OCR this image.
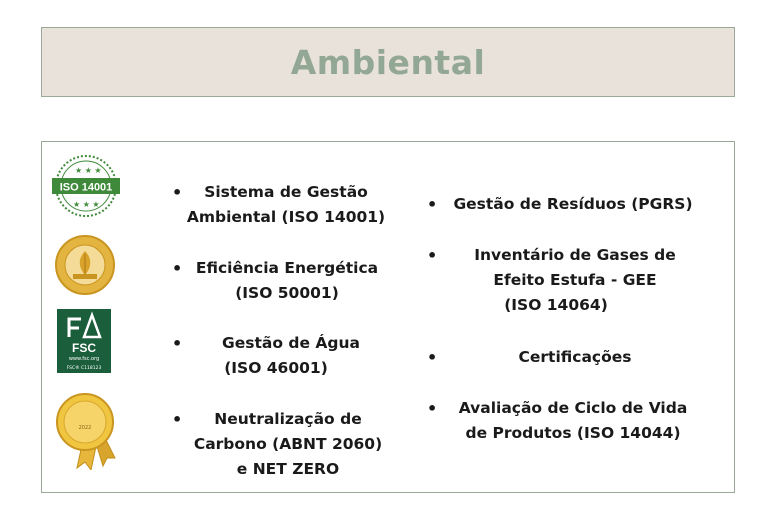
Ambiental
★ ★ ★
ISO 14001
★ ★ ★
FSC
www.fsc.org
FSC® C118123
2022
•	Sistema de Gestão
Ambiental (ISO 14001)
• Eficiência Energética
(ISO 50001)
•	Gestão de Água
(ISO 46001)
•	Neutralização de
Carbono (ABNT 2060)
e NET ZERO
•	Gestão de Resíduos (PGRS)
•	Inventário de Gases de
Efeito Estufa - GEE
(ISO 14064)
•	Certificações
•	Avaliação de Ciclo de Vida
de Produtos (ISO 14044)
